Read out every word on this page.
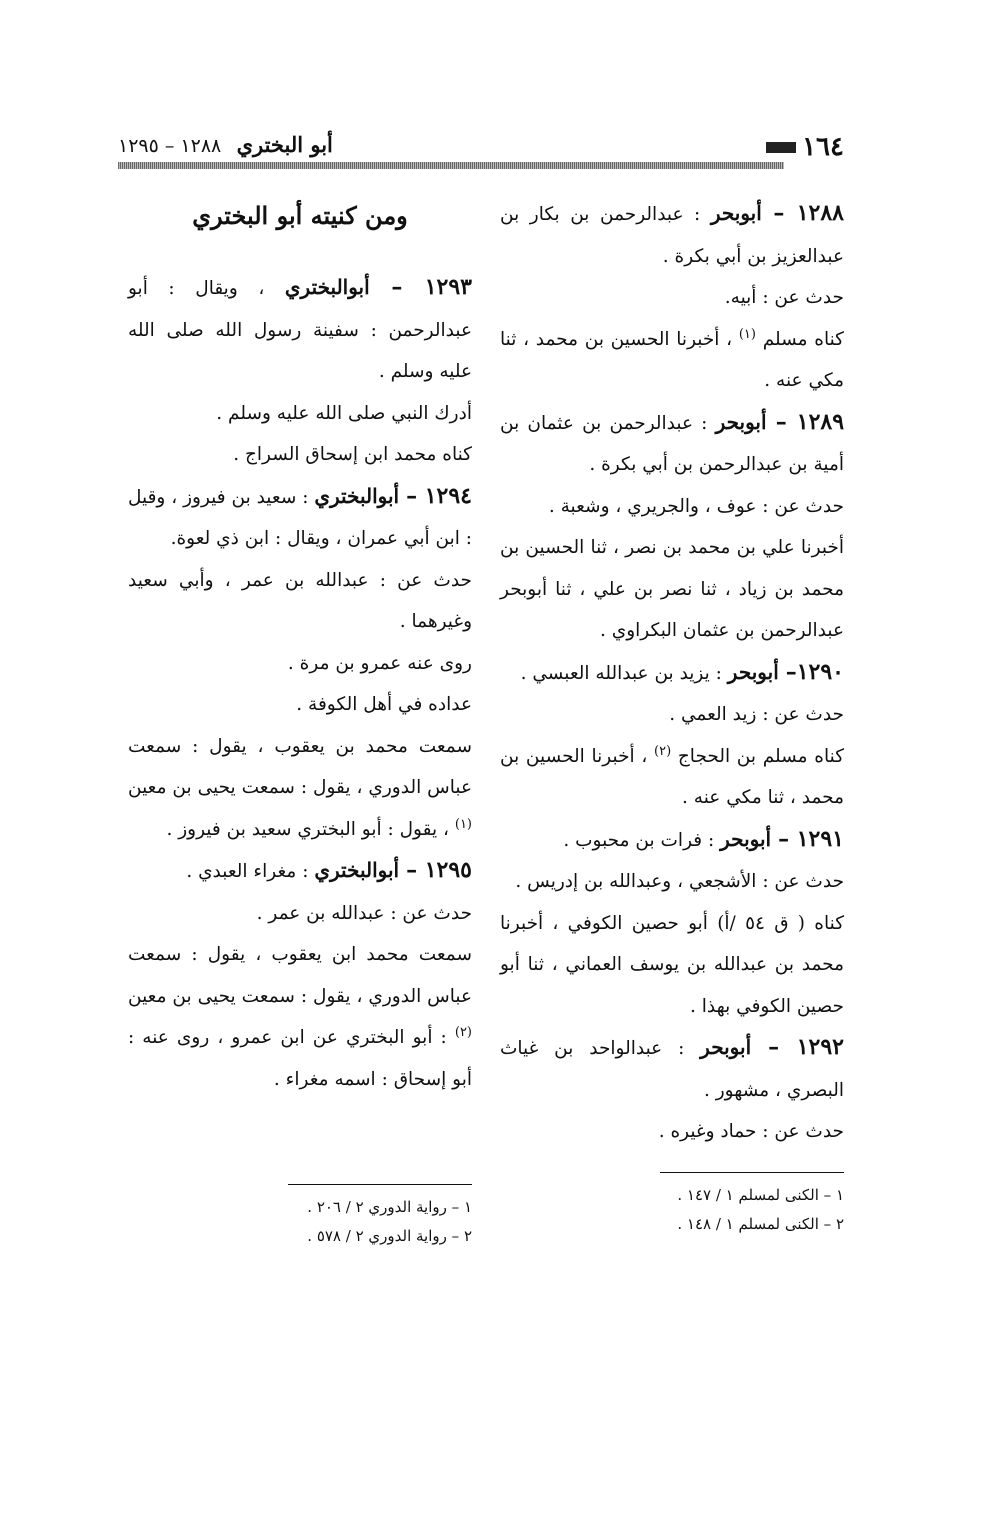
١٦٤
أبو البختري ١٢٨٨ – ١٢٩٥

١٢٨٨ – أبوبحر : عبدالرحمن بن بكار بن عبدالعزيز بن أبي بكرة .

حدث عن : أبيه.

كناه مسلم $^{(١)}$ ، أخبرنا الحسين بن محمد ، ثنا مكي عنه .

١٢٨٩ – أبوبحر : عبدالرحمن بن عثمان بن أمية بن عبدالرحمن بن أبي بكرة .

حدث عن : عوف ، والجريري ، وشعبة .

أخبرنا علي بن محمد بن نصر ، ثنا الحسين بن محمد بن زياد ، ثنا نصر بن علي ، ثنا أبوبحر عبدالرحمن بن عثمان البكراوي .

١٢٩٠– أبوبحر : يزيد بن عبدالله العبسي .

حدث عن : زيد العمي .

كناه مسلم بن الحجاج $^{(٢)}$ ، أخبرنا الحسين بن محمد ، ثنا مكي عنه .

١٢٩١ – أبوبحر : فرات بن محبوب .

حدث عن : الأشجعي ، وعبدالله بن إدريس .

كناه ( ق ٥٤ /أ) أبو حصين الكوفي ، أخبرنا محمد بن عبدالله بن يوسف العماني ، ثنا أبو حصين الكوفي بهذا .

١٢٩٢ – أبوبحر : عبدالواحد بن غياث البصري ، مشهور .

حدث عن : حماد وغيره .

ومن كنيته أبو البختري

١٢٩٣ – أبوالبختري ، ويقال : أبو عبدالرحمن : سفينة رسول الله صلى الله عليه وسلم .

أدرك النبي صلى الله عليه وسلم .

كناه محمد ابن إسحاق السراج .

١٢٩٤ – أبوالبختري : سعيد بن فيروز ، وقيل : ابن أبي عمران ، ويقال : ابن ذي لعوة.

حدث عن : عبدالله بن عمر ، وأبي سعيد وغيرهما .

روى عنه عمرو بن مرة .

عداده في أهل الكوفة .

سمعت محمد بن يعقوب ، يقول : سمعت عباس الدوري ، يقول : سمعت يحيى بن معين $^{(١)}$ ، يقول : أبو البختري سعيد بن فيروز .

١٢٩٥ – أبوالبختري : مغراء العبدي .

حدث عن : عبدالله بن عمر .

سمعت محمد ابن يعقوب ، يقول : سمعت عباس الدوري ، يقول : سمعت يحيى بن معين $^{(٢)}$ : أبو البختري عن ابن عمرو ، روى عنه : أبو إسحاق : اسمه مغراء .

١ – الكنى لمسلم ١ / ١٤٧ .
٢ – الكنى لمسلم ١ / ١٤٨ .
١ – رواية الدوري ٢ / ٢٠٦ .
٢ – رواية الدوري ٢ / ٥٧٨ .
